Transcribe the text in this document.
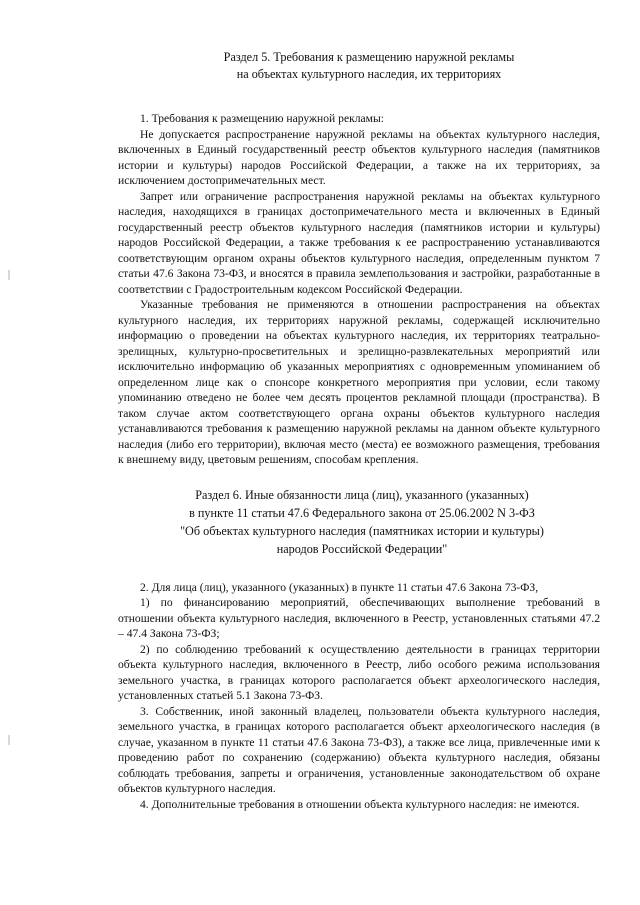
Раздел 5. Требования к размещению наружной рекламы
на объектах культурного наследия, их территориях

1. Требования к размещению наружной рекламы:

Не допускается распространение наружной рекламы на объектах культурного наследия, включенных в Единый государственный реестр объектов культурного наследия (памятников истории и культуры) народов Российской Федерации, а также на их территориях, за исключением достопримечательных мест.

Запрет или ограничение распространения наружной рекламы на объектах культурного наследия, находящихся в границах достопримечательного места и включенных в Единый государственный реестр объектов культурного наследия (памятников истории и культуры) народов Российской Федерации, а также требования к ее распространению устанавливаются соответствующим органом охраны объектов культурного наследия, определенным пунктом 7 статьи 47.6 Закона 73-ФЗ, и вносятся в правила землепользования и застройки, разработанные в соответствии с Градостроительным кодексом Российской Федерации.

Указанные требования не применяются в отношении распространения на объектах культурного наследия, их территориях наружной рекламы, содержащей исключительно информацию о проведении на объектах культурного наследия, их территориях театрально-зрелищных, культурно-просветительных и зрелищно-развлекательных мероприятий или исключительно информацию об указанных мероприятиях с одновременным упоминанием об определенном лице как о спонсоре конкретного мероприятия при условии, если такому упоминанию отведено не более чем десять процентов рекламной площади (пространства). В таком случае актом соответствующего органа охраны объектов культурного наследия устанавливаются требования к размещению наружной рекламы на данном объекте культурного наследия (либо его территории), включая место (места) ее возможного размещения, требования к внешнему виду, цветовым решениям, способам крепления.

Раздел 6. Иные обязанности лица (лиц), указанного (указанных)
в пункте 11 статьи 47.6 Федерального закона от 25.06.2002 N 3-ФЗ
"Об объектах культурного наследия (памятниках истории и культуры)
народов Российской Федерации"

2. Для лица (лиц), указанного (указанных) в пункте 11 статьи 47.6 Закона 73-ФЗ,

1) по финансированию мероприятий, обеспечивающих выполнение требований в отношении объекта культурного наследия, включенного в Реестр, установленных статьями 47.2 – 47.4 Закона 73-ФЗ;

2) по соблюдению требований к осуществлению деятельности в границах территории объекта культурного наследия, включенного в Реестр, либо особого режима использования земельного участка, в границах которого располагается объект археологического наследия, установленных статьей 5.1 Закона 73-ФЗ.

3. Собственник, иной законный владелец, пользователи объекта культурного наследия, земельного участка, в границах которого располагается объект археологического наследия (в случае, указанном в пункте 11 статьи 47.6 Закона 73-ФЗ), а также все лица, привлеченные ими к проведению работ по сохранению (содержанию) объекта культурного наследия, обязаны соблюдать требования, запреты и ограничения, установленные законодательством об охране объектов культурного наследия.

4. Дополнительные требования в отношении объекта культурного наследия: не имеются.
